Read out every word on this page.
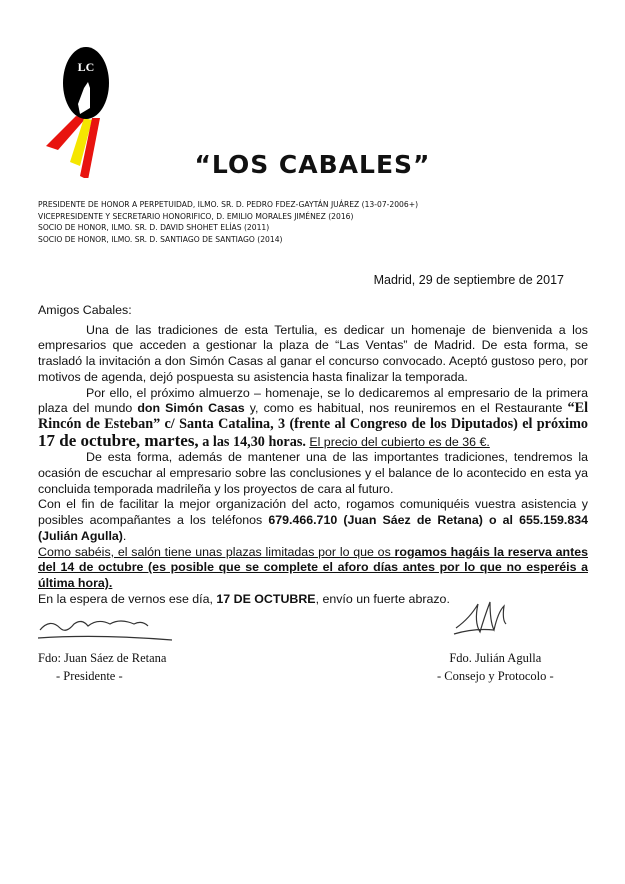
LC
“LOS CABALES”
PRESIDENTE DE HONOR A PERPETUIDAD, ILMO. SR. D. PEDRO FDEZ-GAYTÁN JUÁREZ (13-07-2006+)
VICEPRESIDENTE Y SECRETARIO HONORIFICO, D. EMILIO MORALES JIMÉNEZ (2016)
SOCIO DE HONOR, ILMO. SR. D. DAVID SHOHET ELÍAS (2011)
SOCIO DE HONOR, ILMO. SR. D. SANTIAGO DE SANTIAGO (2014)
Madrid, 29 de septiembre de 2017

Amigos Cabales:

Una de las tradiciones de esta Tertulia, es dedicar un homenaje de bienvenida a los empresarios que acceden a gestionar la plaza de “Las Ventas” de Madrid. De esta forma, se trasladó la invitación a don Simón Casas al ganar el concurso convocado. Aceptó gustoso pero, por motivos de agenda, dejó pospuesta su asistencia hasta finalizar la temporada.

Por ello, el próximo almuerzo – homenaje, se lo dedicaremos al empresario de la primera plaza del mundo don Simón Casas y, como es habitual, nos reuniremos en el Restaurante “El Rincón de Esteban” c/ Santa Catalina, 3 (frente al Congreso de los Diputados) el próximo 17 de octubre, martes, a las 14,30 horas. El precio del cubierto es de 36 €.

De esta forma, además de mantener una de las importantes tradiciones, tendremos la ocasión de escuchar al empresario sobre las conclusiones y el balance de lo acontecido en esta ya concluida temporada madrileña y los proyectos de cara al futuro.

Con el fin de facilitar la mejor organización del acto, rogamos comuniquéis vuestra asistencia y posibles acompañantes a los teléfonos 679.466.710 (Juan Sáez de Retana) o al 655.159.834 (Julián Agulla).

Como sabéis, el salón tiene unas plazas limitadas por lo que os rogamos hagáis la reserva antes del 14 de octubre (es posible que se complete el aforo días antes por lo que no esperéis a última hora).

En la espera de vernos ese día, 17 DE OCTUBRE, envío un fuerte abrazo.

Fdo: Juan Sáez de Retana
- Presidente -
Fdo. Julián Agulla
- Consejo y Protocolo -
